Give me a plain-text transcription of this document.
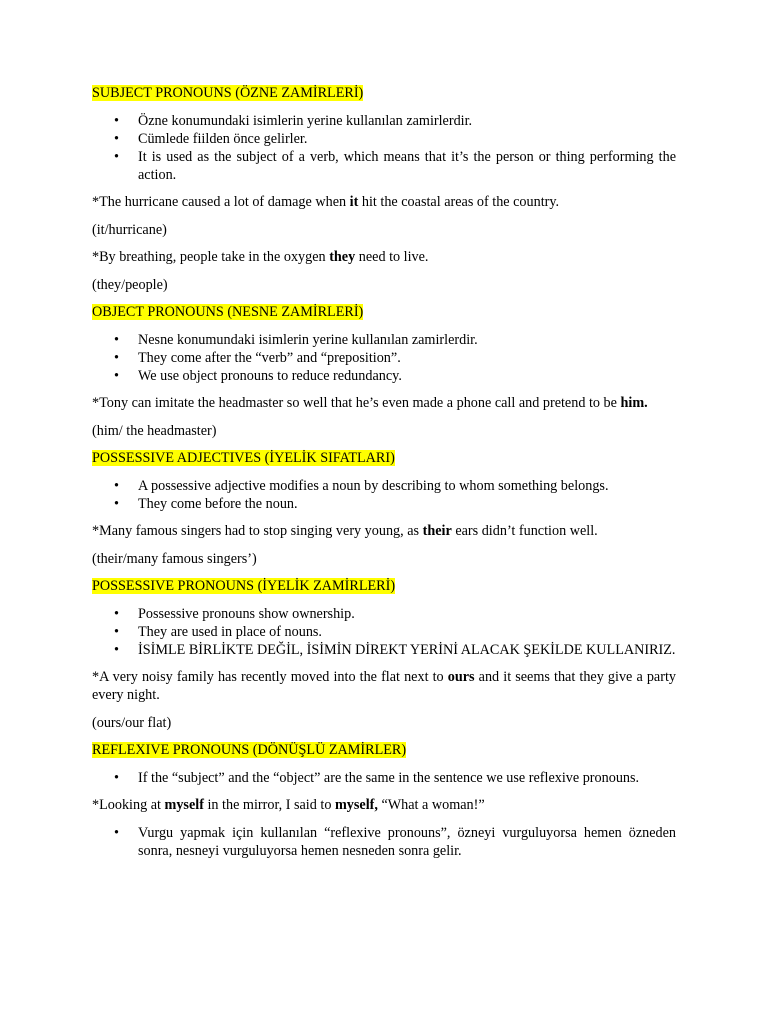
SUBJECT PRONOUNS (ÖZNE ZAMİRLERİ)
• Özne konumundaki isimlerin yerine kullanılan zamirlerdir.
• Cümlede fiilden önce gelirler.
• It is used as the subject of a verb, which means that it’s the person or thing performing the action.

*The hurricane caused a lot of damage when it hit the coastal areas of the country.

(it/hurricane)

*By breathing, people take in the oxygen they need to live.

(they/people)

OBJECT PRONOUNS (NESNE ZAMİRLERİ)
• Nesne konumundaki isimlerin yerine kullanılan zamirlerdir.
• They come after the “verb” and “preposition”.
• We use object pronouns to reduce redundancy.

*Tony can imitate the headmaster so well that he’s even made a phone call and pretend to be him.

(him/ the headmaster)

POSSESSIVE ADJECTIVES (İYELİK SIFATLARI)
• A possessive adjective modifies a noun by describing to whom something belongs.
• They come before the noun.

*Many famous singers had to stop singing very young, as their ears didn’t function well.

(their/many famous singers’)

POSSESSIVE PRONOUNS (İYELİK ZAMİRLERİ)
• Possessive pronouns show ownership.
• They are used in place of nouns.
• İSİMLE BİRLİKTE DEĞİL, İSİMİN DİREKT YERİNİ ALACAK ŞEKİLDE KULLANIRIZ.

*A very noisy family has recently moved into the flat next to ours and it seems that they give a party every night.

(ours/our flat)

REFLEXIVE PRONOUNS (DÖNÜŞLÜ ZAMİRLER)
• If the “subject” and the “object” are the same in the sentence we use reflexive pronouns.

*Looking at myself in the mirror, I said to myself, “What a woman!”

• Vurgu yapmak için kullanılan “reflexive pronouns”, özneyi vurguluyorsa hemen özneden sonra, nesneyi vurguluyorsa hemen nesneden sonra gelir.
